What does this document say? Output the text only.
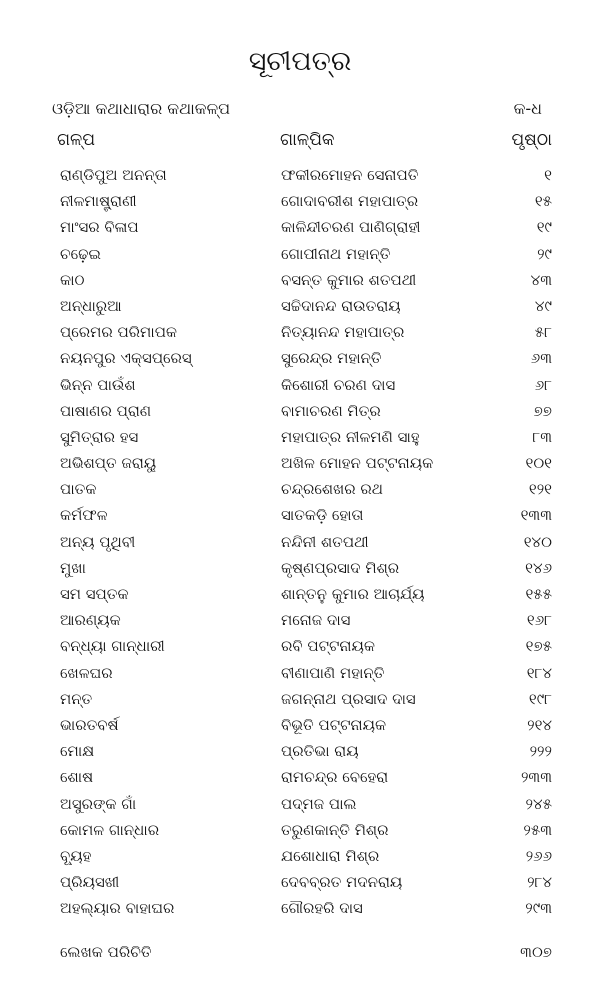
ସୂଚୀପତ୍ର
ଓଡ଼ିଆ କଥାଧାରାର କଥାକଳ୍ପ	କ-ଧ
ଗଳ୍ପ	ଗାଳ୍ପିକ	ପୃଷ୍ଠା
ରାଣ୍ଡିପୁଅ ଅନନ୍ତା	ଫକୀରମୋହନ ସେନାପତି	୧
ନୀଳମାଷ୍ଟ୍ରାଣୀ	ଗୋଦାବରୀଶ ମହାପାତ୍ର	୧୫
ମାଂସର ବିଳାପ	କାଳିନ୍ଦୀଚରଣ ପାଣିଗ୍ରାହୀ	୧୯
ଚଢ଼େଇ	ଗୋପୀନାଥ ମହାନ୍ତି	୨୯
କାଠ	ବସନ୍ତ କୁମାର ଶତପଥୀ	୪୩
ଅନ୍ଧାରୁଆ	ସଚ୍ଚିଦାନନ୍ଦ ରାଉତରାୟ	୪୯
ପ୍ରେମର ପରିମାପକ	ନିତ୍ୟାନନ୍ଦ ମହାପାତ୍ର	୫୮
ନୟନପୁର ଏକ୍ସପ୍ରେସ୍	ସୁରେନ୍ଦ୍ର ମହାନ୍ତି	୬୩
ଭିନ୍ନ ପାଉଁଶ	କିଶୋରୀ ଚରଣ ଦାସ	୬୮
ପାଷାଣର ପ୍ରାଣ	ବାମାଚରଣ ମିତ୍ର	୭୭
ସୁମିତ୍ରାର ହସ	ମହାପାତ୍ର ନୀଳମଣି ସାହୁ	୮୩
ଅଭିଶପ୍ତ ଜରାୟୁ	ଅଖିଳ ମୋହନ ପଟ୍ଟନାୟକ	୧୦୧
ପାତକ	ଚନ୍ଦ୍ରଶେଖର ରଥ	୧୨୧
କର୍ମଫଳ	ସାତକଡ଼ି ହୋତା	୧୩୩
ଅନ୍ୟ ପୃଥିବୀ	ନନ୍ଦିନୀ ଶତପଥୀ	୧୪୦
ମୁଖା	କୃଷ୍ଣପ୍ରସାଦ ମିଶ୍ର	୧୪୬
ସମ ସପ୍ତକ	ଶାନ୍ତନୁ କୁମାର ଆଚାର୍ଯ୍ୟ	୧୫୫
ଆରଣ୍ୟକ	ମନୋଜ ଦାସ	୧୬୮
ବନ୍ଧ୍ୟା ଗାନ୍ଧାରୀ	ରବି ପଟ୍ଟନାୟକ	୧୭୫
ଖେଳଘର	ବୀଣାପାଣି ମହାନ୍ତି	୧୮୪
ମନ୍ତ	ଜଗନ୍ନାଥ ପ୍ରସାଦ ଦାସ	୧୯୮
ଭାରତବର୍ଷ	ବିଭୂତି ପଟ୍ଟନାୟକ	୨୧୪
ମୋକ୍ଷ	ପ୍ରତିଭା ରାୟ	୨୨୨
ଶୋଷ	ରାମଚନ୍ଦ୍ର ବେହେରା	୨୩୩
ଅସୁରଙ୍କ ଗାଁ	ପଦ୍ମଜ ପାଲ	୨୪୫
କୋମଳ ଗାନ୍ଧାର	ତରୁଣକାନ୍ତି ମିଶ୍ର	୨୫୩
ବ୍ୟୂହ	ଯଶୋଧାରା ମିଶ୍ର	୨୬୬
ପ୍ରିୟସଖୀ	ଦେବବ୍ରତ ମଦନରାୟ	୨୮୪
ଅହଲ୍ୟାର ବାହାଘର	ଗୌରହରି ଦାସ	୨୯୩
ଲେଖକ ପରିଚିତି	୩୦୭
